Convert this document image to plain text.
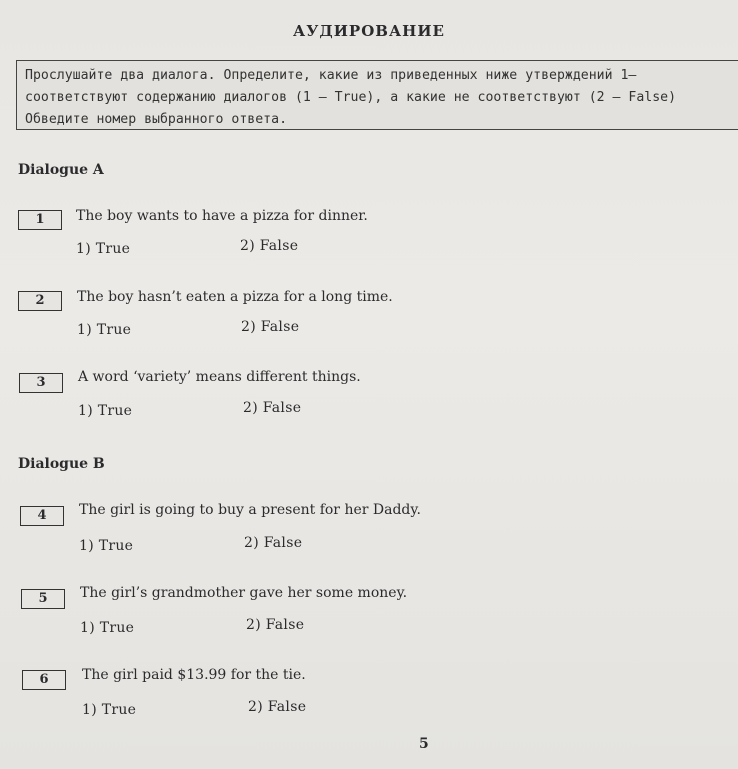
АУДИРОВАНИЕ
Прослушайте два диалога. Определите, какие из приведенных ниже утверждений 1–
соответствуют содержанию диалогов (1 – True), а какие не соответствуют (2 – False)
Обведите номер выбранного ответа.
Dialogue A
1	The boy wants to have a pizza for dinner.
1) True	2) False
2	The boy hasn’t eaten a pizza for a long time.
1) True	2) False
3	A word ‘variety’ means different things.
1) True	2) False
Dialogue B
4	The girl is going to buy a present for her Daddy.
1) True	2) False
5	The girl’s grandmother gave her some money.
1) True	2) False
6	The girl paid $13.99 for the tie.
1) True	2) False
5
